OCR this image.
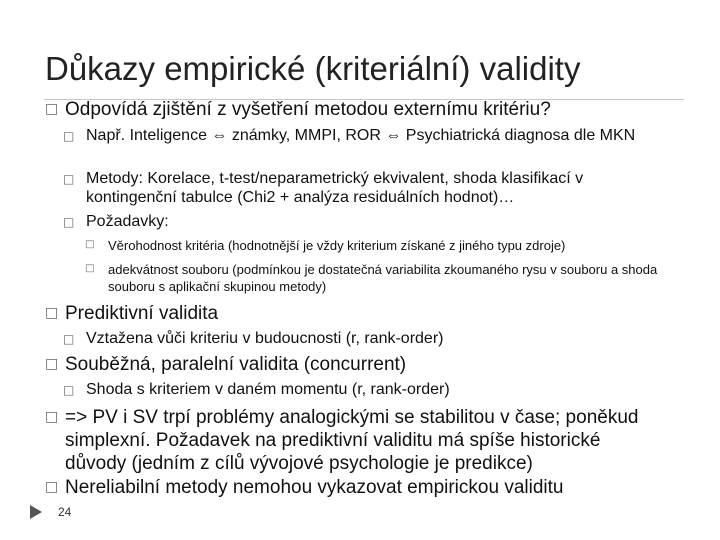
Důkazy empirické (kriteriální) validity
□ Odpovídá zjištění z vyšetření metodou externímu kritériu?
□ Např. Inteligence ⇔ známky, MMPI, ROR ⇔ Psychiatrická diagnosa dle MKN
□ Metody: Korelace, t-test/neparametrický ekvivalent, shoda klasifikací v kontingenční tabulce (Chi2 + analýza residuálních hodnot)…
□ Požadavky:
□ Věrohodnost kritéria (hodnotnější je vždy kriterium získané z jiného typu zdroje)
□ adekvátnost souboru (podmínkou je dostatečná variabilita zkoumaného rysu v souboru a shoda souboru s aplikační skupinou metody)
□ Prediktivní validita
□ Vztažena vůči kriteriu v budoucnosti (r, rank-order)
□ Souběžná, paralelní validita (concurrent)
□ Shoda s kriteriem v daném momentu (r, rank-order)
□ => PV i SV trpí problémy analogickými se stabilitou v čase; poněkud simplexní. Požadavek na prediktivní validitu má spíše historické důvody (jedním z cílů vývojové psychologie je predikce)
□ Nereliabilní metody nemohou vykazovat empirickou validitu
24
